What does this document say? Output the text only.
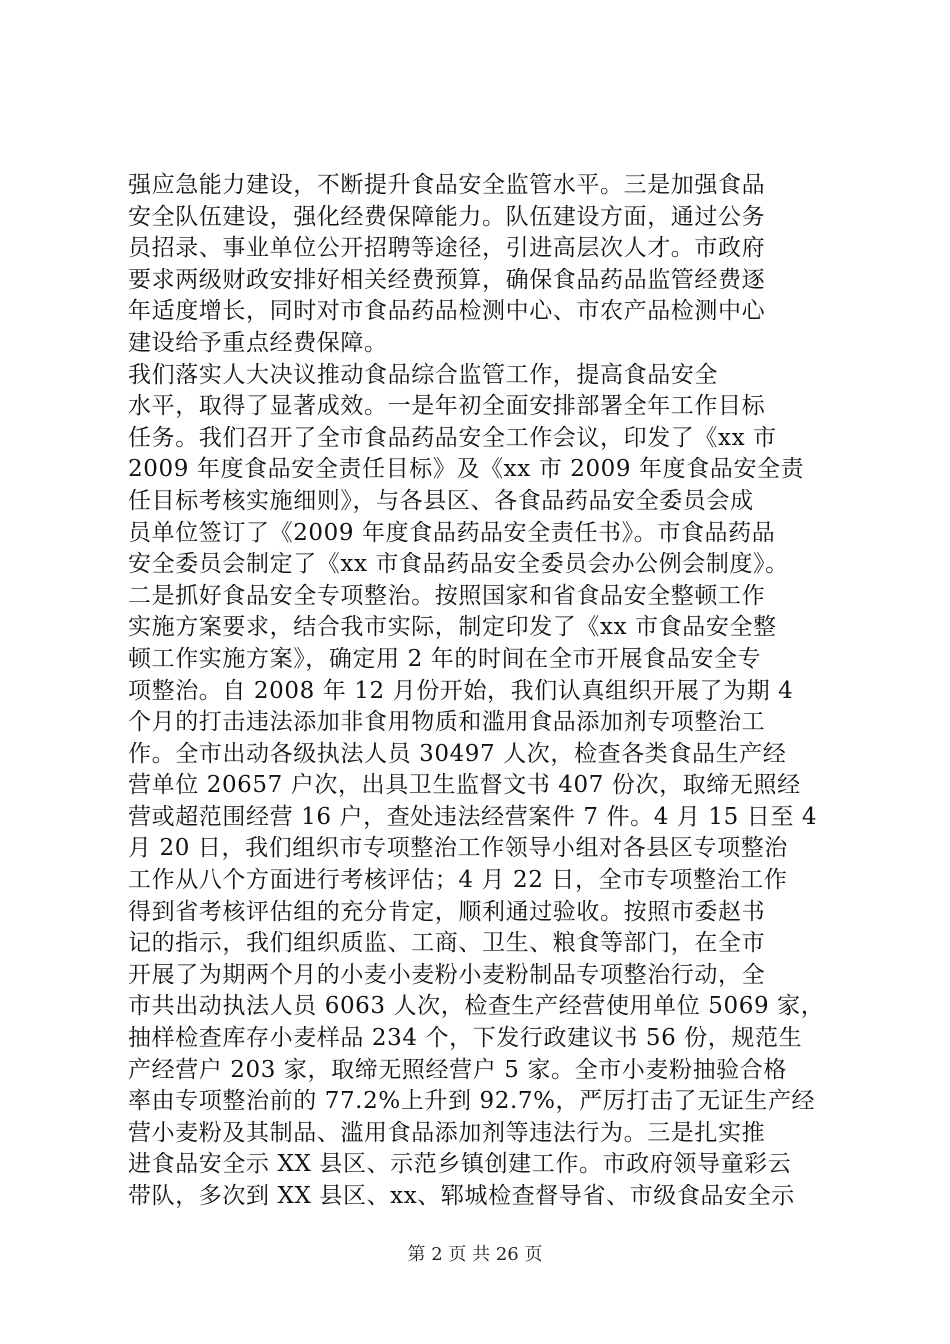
强应急能力建设，不断提升食品安全监管水平。三是加强食品
安全队伍建设，强化经费保障能力。队伍建设方面，通过公务
员招录、事业单位公开招聘等途径，引进高层次人才。市政府
要求两级财政安排好相关经费预算，确保食品药品监管经费逐
年适度增长，同时对市食品药品检测中心、市农产品检测中心
建设给予重点经费保障。
我们落实人大决议推动食品综合监管工作，提高食品安全
水平，取得了显著成效。一是年初全面安排部署全年工作目标
任务。我们召开了全市食品药品安全工作会议，印发了《xx 市
2009 年度食品安全责任目标》及《xx 市 2009 年度食品安全责
任目标考核实施细则》，与各县区、各食品药品安全委员会成
员单位签订了《2009 年度食品药品安全责任书》。市食品药品
安全委员会制定了《xx 市食品药品安全委员会办公例会制度》。
二是抓好食品安全专项整治。按照国家和省食品安全整顿工作
实施方案要求，结合我市实际，制定印发了《xx 市食品安全整
顿工作实施方案》，确定用 2 年的时间在全市开展食品安全专
项整治。自 2008 年 12 月份开始，我们认真组织开展了为期 4
个月的打击违法添加非食用物质和滥用食品添加剂专项整治工
作。全市出动各级执法人员 30497 人次，检查各类食品生产经
营单位 20657 户次，出具卫生监督文书 407 份次，取缔无照经
营或超范围经营 16 户，查处违法经营案件 7 件。4 月 15 日至 4
月 20 日，我们组织市专项整治工作领导小组对各县区专项整治
工作从八个方面进行考核评估；4 月 22 日，全市专项整治工作
得到省考核评估组的充分肯定，顺利通过验收。按照市委赵书
记的指示，我们组织质监、工商、卫生、粮食等部门，在全市
开展了为期两个月的小麦小麦粉小麦粉制品专项整治行动，全
市共出动执法人员 6063 人次，检查生产经营使用单位 5069 家，
抽样检查库存小麦样品 234 个，下发行政建议书 56 份，规范生
产经营户 203 家，取缔无照经营户 5 家。全市小麦粉抽验合格
率由专项整治前的 77.2%上升到 92.7%，严厉打击了无证生产经
营小麦粉及其制品、滥用食品添加剂等违法行为。三是扎实推
进食品安全示 XX 县区、示范乡镇创建工作。市政府领导童彩云
带队，多次到 XX 县区、xx、郓城检查督导省、市级食品安全示
第 2 页 共 26 页
